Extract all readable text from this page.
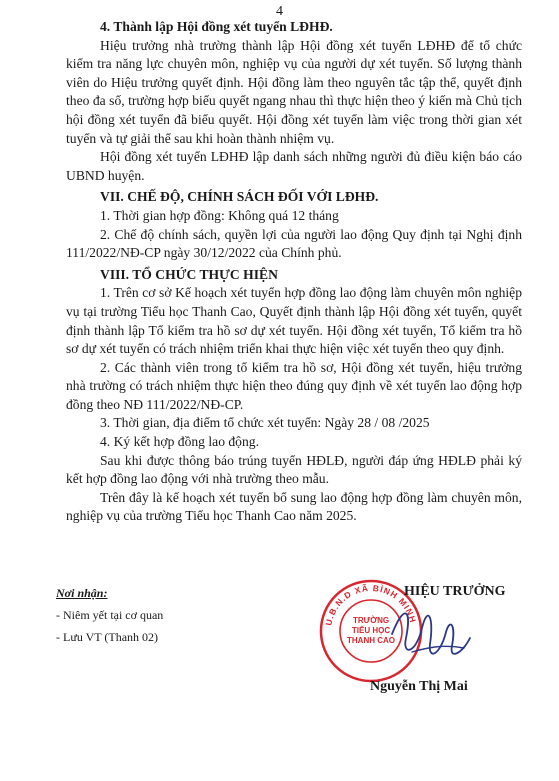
4

4. Thành lập Hội đồng xét tuyển LĐHĐ.

Hiệu trưởng nhà trường thành lập Hội đồng xét tuyển LĐHĐ để tổ chức kiểm tra năng lực chuyên môn, nghiệp vụ của người dự xét tuyển. Số lượng thành viên do Hiệu trưởng quyết định. Hội đồng làm theo nguyên tắc tập thể, quyết định theo đa số, trường hợp biểu quyết ngang nhau thì thực hiện theo ý kiến mà Chủ tịch hội đồng xét tuyển đã biểu quyết. Hội đồng xét tuyển làm việc trong thời gian xét tuyển và tự giải thể sau khi hoàn thành nhiệm vụ.

Hội đồng xét tuyển LĐHĐ lập danh sách những người đủ điều kiện báo cáo UBND huyện.

VII. CHẾ ĐỘ, CHÍNH SÁCH ĐỐI VỚI LĐHĐ.

1. Thời gian hợp đồng: Không quá 12 tháng

2. Chế độ chính sách, quyền lợi của người lao động Quy định tại Nghị định 111/2022/NĐ-CP ngày 30/12/2022 của Chính phủ.

VIII. TỔ CHỨC THỰC HIỆN

1. Trên cơ sở Kế hoạch xét tuyển hợp đồng lao động làm chuyên môn nghiệp vụ tại trường Tiểu học Thanh Cao, Quyết định thành lập Hội đồng xét tuyển, quyết định thành lập Tổ kiểm tra hồ sơ dự xét tuyển. Hội đồng xét tuyển, Tổ kiểm tra hồ sơ dự xét tuyển có trách nhiệm triển khai thực hiện việc xét tuyển theo quy định.

2. Các thành viên trong tổ kiểm tra hồ sơ, Hội đồng xét tuyển, hiệu trưởng nhà trường có trách nhiệm thực hiện theo đúng quy định về xét tuyển lao động hợp đồng theo NĐ 111/2022/NĐ-CP.

3. Thời gian, địa điểm tổ chức xét tuyển: Ngày 28 / 08 /2025

4. Ký kết hợp đồng lao động.

Sau khi được thông báo trúng tuyển HĐLĐ, người đáp ứng HĐLĐ phải ký kết hợp đồng lao động với nhà trường theo mẫu.

Trên đây là kế hoạch xét tuyển bổ sung lao động hợp đồng làm chuyên môn, nghiệp vụ của trường Tiểu học Thanh Cao năm 2025.

Nơi nhận:
- Niêm yết tại cơ quan
- Lưu VT (Thanh 02)
U.B.N.D XÃ BÌNH MINH
TRƯỜNG
TIỂU HỌC
THANH CAO
HIỆU TRƯỞNG
Nguyễn Thị Mai
